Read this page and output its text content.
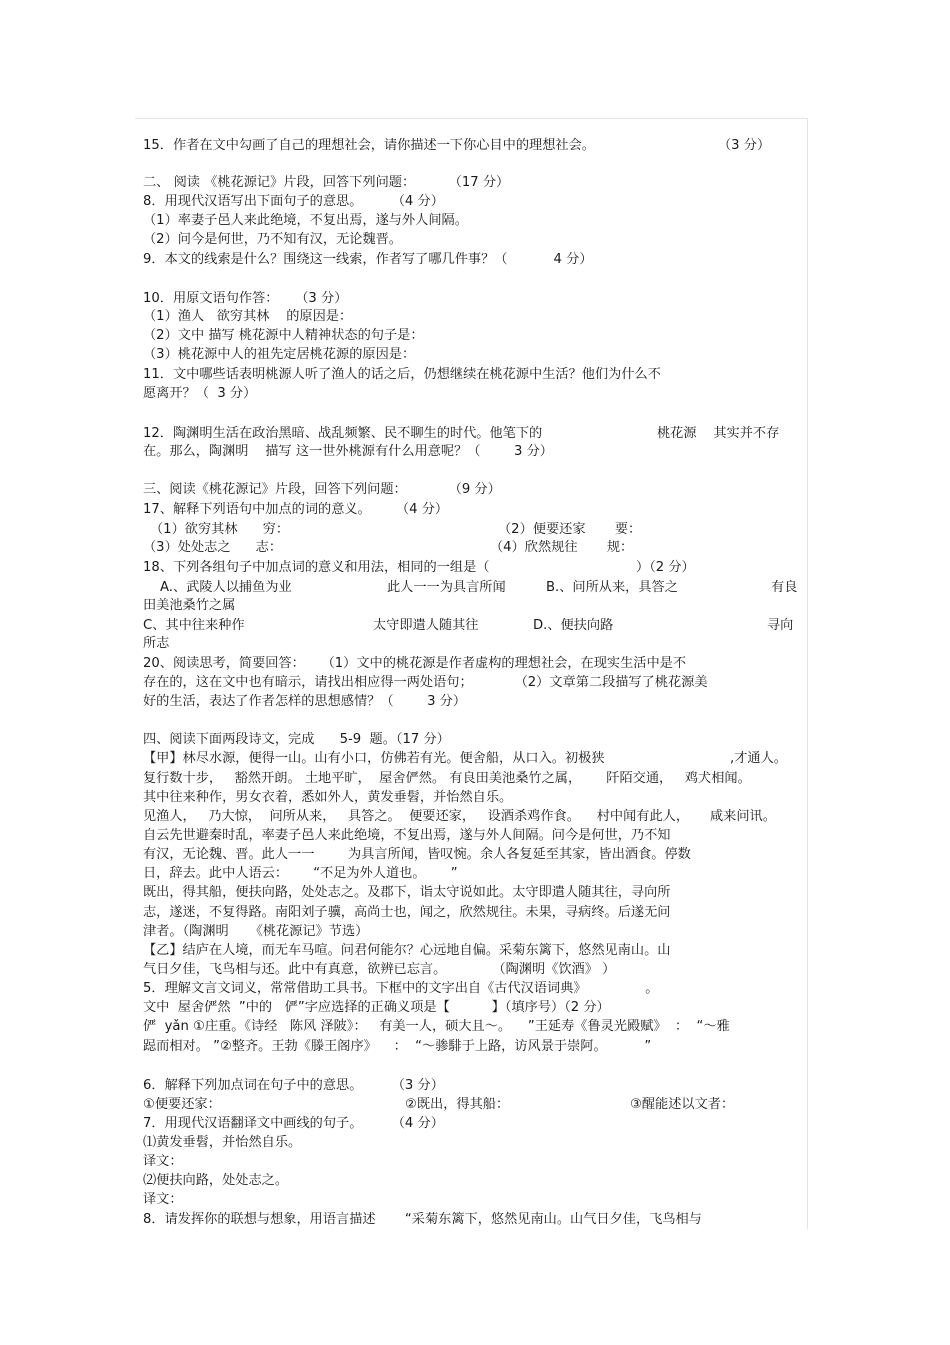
15．作者在文中勾画了自己的理想社会，请你描述一下你心目中的理想社会。	（3 分）
二、 阅读 《桃花源记》片段，回答下列问题：        （17 分）
8．用现代汉语写出下面句子的意思。       （4 分）
（1）率妻子邑人来此绝境，不复出焉，遂与外人间隔。
（2）问今是何世，乃不知有汉，无论魏晋。
9．本文的线索是什么？围绕这一线索，作者写了哪几件事？（           4 分）
10．用原文语句作答：    （3 分）
（1）渔人   欲穷其林    的原因是：
（2）文中 描写 桃花源中人精神状态的句子是：
（3）桃花源中人的祖先定居桃花源的原因是：
11．文中哪些话表明桃源人听了渔人的话之后，仍想继续在桃花源中生活？他们为什么不
愿离开？（  3 分）
12．陶渊明生活在政治黑暗、战乱频繁、民不聊生的时代。他笔下的	桃花源    其实并不存
在。那么，陶渊明    描写 这一世外桃源有什么用意呢？（        3 分）
三、阅读《桃花源记》片段，回答下列问题：          （9 分）
17、解释下列语句中加点的词的意义。      （4 分）
（1）欲穷其林      穷：	（2）便要还家       要：
（3）处处志之      志：	（4）欣然规往       规：
18、下列各组句子中加点词的意义和用法，相同的一组是（	）（2 分）
A.、武陵人以捕鱼为业	此人一一为具言所闻	B.、问所从来，具答之	有良
田美池桑竹之属
C、其中往来种作	太守即遣人随其往	D.、便扶向路	寻向
所志
20、阅读思考，简要回答：    （1）文中的桃花源是作者虚构的理想社会，在现实生活中是不
存在的，这在文中也有暗示，请找出相应得一两处语句；          （2）文章第二段描写了桃花源美
好的生活，表达了作者怎样的思想感情？（        3 分）
四、阅读下面两段诗文，完成      5-9  题。（17 分）
【甲】林尽水源，便得一山。山有小口，仿佛若有光。便舍船，从口入。初极狭	,才通人。
复行数十步，   豁然开朗。 土地平旷，  屋舍俨然。 有良田美池桑竹之属，      阡陌交通，   鸡犬相闻。
其中往来种作，男女衣着，悉如外人，黄发垂髫，并怡然自乐。
见渔人，   乃大惊，  问所从来，   具答之。  便要还家，   设酒杀鸡作食。    村中闻有此人，     咸来问讯。
自云先世避秦时乱，率妻子邑人来此绝境，不复出焉，遂与外人间隔。问今是何世，乃不知
有汉，无论魏、晋。此人一一        为具言所闻，皆叹惋。余人各复延至其家，皆出酒食。停数
日，辞去。此中人语云：      “不足为外人道也。      ”
既出，得其船，便扶向路，处处志之。及郡下，诣太守说如此。太守即遣人随其往，寻向所
志，遂迷，不复得路。南阳刘子骥，高尚士也，闻之，欣然规往。未果，寻病终。后遂无问
津者。（陶渊明     《桃花源记》节选）
【乙】结庐在人境，而无车马喧。问君何能尔？心远地自偏。采菊东篱下，悠然见南山。山
气日夕佳，飞鸟相与还。此中有真意，欲辨已忘言。           （陶渊明《饮酒》 ）
5．理解文言文词义，常常借助工具书。下框中的文字出自《古代汉语词典》              。
文中  屋舍俨然  ”中的   俨”字应选择的正确义项是【          】（填序号）（2 分）
俨  yǎn ①庄重。《诗经   陈风 泽陂》：   有美一人，硕大且～。    ”王延寿《鲁灵光殿赋》  ：  “～雅
跽而相对。 ”②整齐。王勃《滕王阁序》    ：  “～骖騑于上路，访风景于崇阿。         ”
6．解释下列加点词在句子中的意思。       （3 分）
①便要还家：	②既出，得其船：	③醒能述以文者：
7．用现代汉语翻译文中画线的句子。       （4 分）
⑴黄发垂髫，并怡然自乐。
译文：
⑵便扶向路，处处志之。
译文：
8．请发挥你的联想与想象，用语言描述       “采菊东篱下，悠然见南山。山气日夕佳，飞鸟相与
